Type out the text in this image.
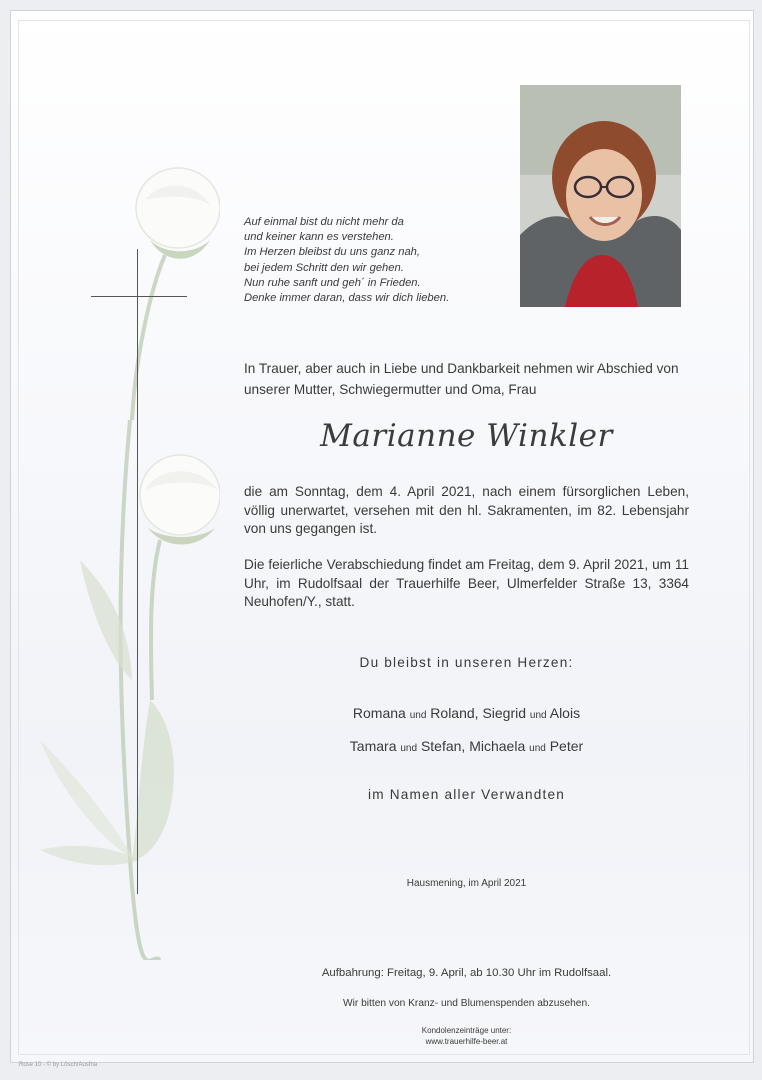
Auf einmal bist du nicht mehr da
und keiner kann es verstehen.
Im Herzen bleibst du uns ganz nah,
bei jedem Schritt den wir gehen.
Nun ruhe sanft und geh´ in Frieden.
Denke immer daran, dass wir dich lieben.
In Trauer, aber auch in Liebe und Dankbarkeit nehmen wir Abschied von unserer Mutter, Schwiegermutter und Oma, Frau
Marianne Winkler
die am Sonntag, dem 4. April 2021, nach einem fürsorglichen Leben, völlig unerwartet, versehen mit den hl. Sakramenten, im 82. Lebensjahr von uns gegangen ist.
Die feierliche Verabschiedung findet am Freitag, dem 9. April 2021, um 11 Uhr, im Rudolfsaal der Trauerhilfe Beer, Ulmerfelder Straße 13, 3364 Neuhofen/Y., statt.
Du bleibst in unseren Herzen:
Romana und Roland, Siegrid und Alois
Tamara und Stefan, Michaela und Peter
im Namen aller Verwandten
Hausmening, im April 2021
Aufbahrung: Freitag, 9. April, ab 10.30 Uhr im Rudolfsaal.
Wir bitten von Kranz- und Blumenspenden abzusehen.
Kondolenzeinträge unter:
www.trauerhilfe-beer.at
Rose 10 - © by Lösch/Ausfna
